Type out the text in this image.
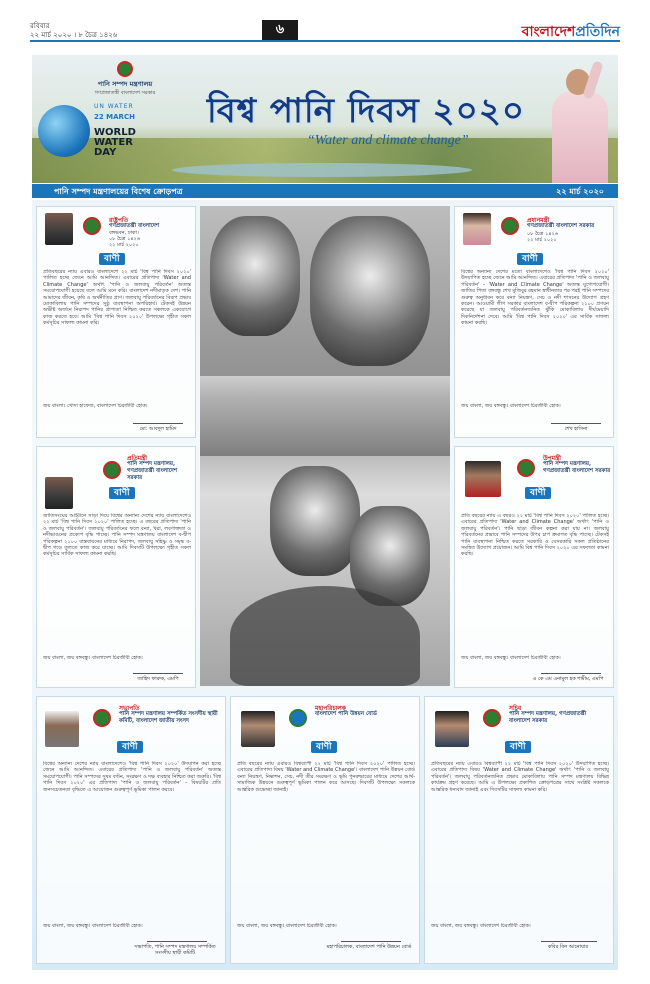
রবিবার
২২ মার্চ ২০২০ । ৮ চৈত্র ১৪২৬	৬	বাংলাদেশপ্রতিদিন
পানি সম্পদ মন্ত্রণালয়
গণপ্রজাতন্ত্রী বাংলাদেশ সরকার
UN WATER
22 MARCH
WORLD
WATER
DAY
বিশ্ব পানি দিবস ২০২০
“Water and climate change”
পানি সম্পদ মন্ত্রণালয়ের বিশেষ ক্রোড়পত্র	২২ মার্চ ২০২০
রাষ্ট্রপতি
গণপ্রজাতন্ত্রী বাংলাদেশ
বঙ্গভবন, ঢাকা।
০৮ চৈত্র ১৪২৬
২২ মার্চ ২০২০
বাণী
প্রতিবছরের ন্যায় এবারও বাংলাদেশে ২২ মার্চ 'বিশ্ব পানি দিবস ২০২০' পালিত হচ্ছে জেনে আমি আনন্দিত। এবারের প্রতিপাদ্য 'Water and Climate Change' অর্থাৎ 'পানি ও জলবায়ু পরিবর্তন' অত্যন্ত সময়োপযোগী হয়েছে বলে আমি মনে করি। বাংলাদেশ নদীমাতৃক দেশ। পানি আমাদের জীবন, কৃষি ও অর্থনীতির প্রাণ। জলবায়ু পরিবর্তনের বিরূপ প্রভাব মোকাবিলায় পানি সম্পদের সুষ্ঠু ব্যবস্থাপনা অপরিহার্য। টেকসই উন্নয়ন অভীষ্ট অর্জনে নিরাপদ পানির প্রাপ্যতা নিশ্চিত করতে সকলকে একযোগে কাজ করতে হবে। আমি 'বিশ্ব পানি দিবস ২০২০' উপলক্ষ্যে গৃহীত সকল কর্মসূচির সাফল্য কামনা করি।
জয় বাংলা। খোদা হাফেজ, বাংলাদেশ চিরজীবী হোক।
মো: আবদুল হামিদ
প্রধানমন্ত্রী
গণপ্রজাতন্ত্রী বাংলাদেশ সরকার
০৮ চৈত্র ১৪২৬
২২ মার্চ ২০২০
বাণী
বিশ্বের অন্যান্য দেশের মতো বাংলাদেশেও 'বিশ্ব পানি দিবস ২০২০' উদযাপিত হচ্ছে জেনে আমি আনন্দিত। এবারের প্রতিপাদ্য 'পানি ও জলবায়ু পরিবর্তন' – 'Water and Climate Change' অত্যন্ত যুগোপযোগী। জাতির পিতা বঙ্গবন্ধু শেখ মুজিবুর রহমান স্বাধীনতার পর পরই পানি সম্পদের গুরুত্ব অনুধাবন করে বন্যা নিয়ন্ত্রণ, সেচ ও নদী শাসনের উদ্যোগ গ্রহণ করেন। আওয়ামী লীগ সরকার বাংলাদেশ ব-দ্বীপ পরিকল্পনা ২১০০ প্রণয়ন করেছে যা জলবায়ু পরিবর্তনজনিত ঝুঁকি মোকাবিলায় দীর্ঘমেয়াদি দিকনির্দেশনা দেবে। আমি 'বিশ্ব পানি দিবস ২০২০' এর সার্বিক সাফল্য কামনা করছি।
জয় বাংলা, জয় বঙ্গবন্ধু। বাংলাদেশ চিরজীবী হোক।
শেখ হাসিনা
প্রতিমন্ত্রী
পানি সম্পদ মন্ত্রণালয়, গণপ্রজাতন্ত্রী বাংলাদেশ সরকার
বাণী
জাতিসংঘের আহ্বানে সাড়া দিয়ে বিশ্বের অন্যান্য দেশের ন্যায় বাংলাদেশেও ২২ মার্চ 'বিশ্ব পানি দিবস ২০২০' পালিত হচ্ছে। এ বছরের প্রতিপাদ্য 'পানি ও জলবায়ু পরিবর্তন'। জলবায়ু পরিবর্তনের ফলে বন্যা, খরা, লবণাক্ততা ও নদীভাঙনের প্রকোপ বৃদ্ধি পাচ্ছে। পানি সম্পদ মন্ত্রণালয় বাংলাদেশ ব-দ্বীপ পরিকল্পনা ২১০০ বাস্তবায়নের মাধ্যমে নিরাপদ, জলবায়ু সহিষ্ণু ও সমৃদ্ধ ব-দ্বীপ গড়ে তুলতে কাজ করে যাচ্ছে। আমি দিবসটি উপলক্ষ্যে গৃহীত সকল কর্মসূচির সার্বিক সাফল্য কামনা করছি।
জয় বাংলা, জয় বঙ্গবন্ধু। বাংলাদেশ চিরজীবী হোক।
জাহিদ ফারুক, এমপি
উপমন্ত্রী
পানি সম্পদ মন্ত্রণালয়, গণপ্রজাতন্ত্রী বাংলাদেশ সরকার
বাণী
প্রতি বছরের ন্যায় এ বছরও ২২ মার্চ 'বিশ্ব পানি দিবস ২০২০' পালিত হচ্ছে। এবারের প্রতিপাদ্য 'Water and Climate Change' অর্থাৎ 'পানি ও জলবায়ু পরিবর্তন'। পানি ছাড়া জীবন কল্পনা করা যায় না। জলবায়ু পরিবর্তনের প্রভাবে পানি সম্পদের উপর চাপ ক্রমাগত বৃদ্ধি পাচ্ছে। টেকসই পানি ব্যবস্থাপনা নিশ্চিত করতে সরকারি ও বেসরকারি সকল প্রতিষ্ঠানের সমন্বিত উদ্যোগ প্রয়োজন। আমি বিশ্ব পানি দিবস ২০২০ এর সফলতা কামনা করছি।
জয় বাংলা, জয় বঙ্গবন্ধু। বাংলাদেশ চিরজীবী হোক।
এ কে এম এনামুল হক শামীম, এমপি
সভাপতি
পানি সম্পদ মন্ত্রণালয় সম্পর্কিত সংসদীয় স্থায়ী কমিটি, বাংলাদেশ জাতীয় সংসদ
বাণী
বিশ্বের অন্যান্য দেশের ন্যায় বাংলাদেশেও 'বিশ্ব পানি দিবস ২০২০' উদযাপন করা হচ্ছে জেনে আমি আনন্দিত। এবারের প্রতিপাদ্য 'পানি ও জলবায়ু পরিবর্তন' অত্যন্ত সময়োপযোগী। পানি সম্পদের সুষম বণ্টন, সংরক্ষণ ও দক্ষ ব্যবহার নিশ্চিত করা জরুরি। 'বিশ্ব পানি দিবস ২০২০' এর প্রতিপাদ্য 'পানি ও জলবায়ু পরিবর্তন' – বিষয়টির প্রতি জনসচেতনতা বৃদ্ধিতে এ আয়োজন গুরুত্বপূর্ণ ভূমিকা পালন করবে।
জয় বাংলা, জয় বঙ্গবন্ধু। বাংলাদেশ চিরজীবী হোক।
সভাপতি, পানি সম্পদ মন্ত্রণালয় সম্পর্কিত সংসদীয় স্থায়ী কমিটি
মহাপরিচালক
বাংলাদেশ পানি উন্নয়ন বোর্ড
বাণী
প্রতি বছরের ন্যায় এবারও বিশ্বব্যাপী ২২ মার্চ 'বিশ্ব পানি দিবস ২০২০' পালিত হচ্ছে। এবারের প্রতিপাদ্য বিষয় 'Water and Climate Change'। বাংলাদেশ পানি উন্নয়ন বোর্ড বন্যা নিয়ন্ত্রণ, নিষ্কাশন, সেচ, নদী তীর সংরক্ষণ ও ভূমি পুনরুদ্ধারের মাধ্যমে দেশের আর্থ-সামাজিক উন্নয়নে গুরুত্বপূর্ণ ভূমিকা পালন করে আসছে। দিবসটি উপলক্ষ্যে সকলকে আন্তরিক শুভেচ্ছা জানাই।
জয় বাংলা, জয় বঙ্গবন্ধু। বাংলাদেশ চিরজীবী হোক।
মহাপরিচালক, বাংলাদেশ পানি উন্নয়ন বোর্ড
সচিব
পানি সম্পদ মন্ত্রণালয়, গণপ্রজাতন্ত্রী বাংলাদেশ সরকার
বাণী
প্রতিবছরের ন্যায় এবারও বিশ্বব্যাপী ২২ মার্চ 'বিশ্ব পানি দিবস ২০২০' উদযাপিত হচ্ছে। এবারের প্রতিপাদ্য বিষয় 'Water and Climate Change' অর্থাৎ 'পানি ও জলবায়ু পরিবর্তন'। জলবায়ু পরিবর্তনজনিত প্রভাব মোকাবিলায় পানি সম্পদ মন্ত্রণালয় বিভিন্ন কার্যক্রম গ্রহণ করেছে। আমি এ উপলক্ষ্যে প্রকাশিত ক্রোড়পত্রের সাথে সংশ্লিষ্ট সকলকে আন্তরিক ধন্যবাদ জানাই এবং দিবসটির সাফল্য কামনা করি।
জয় বাংলা, জয় বঙ্গবন্ধু। বাংলাদেশ চিরজীবী হোক।
কবির বিন আনোয়ার
